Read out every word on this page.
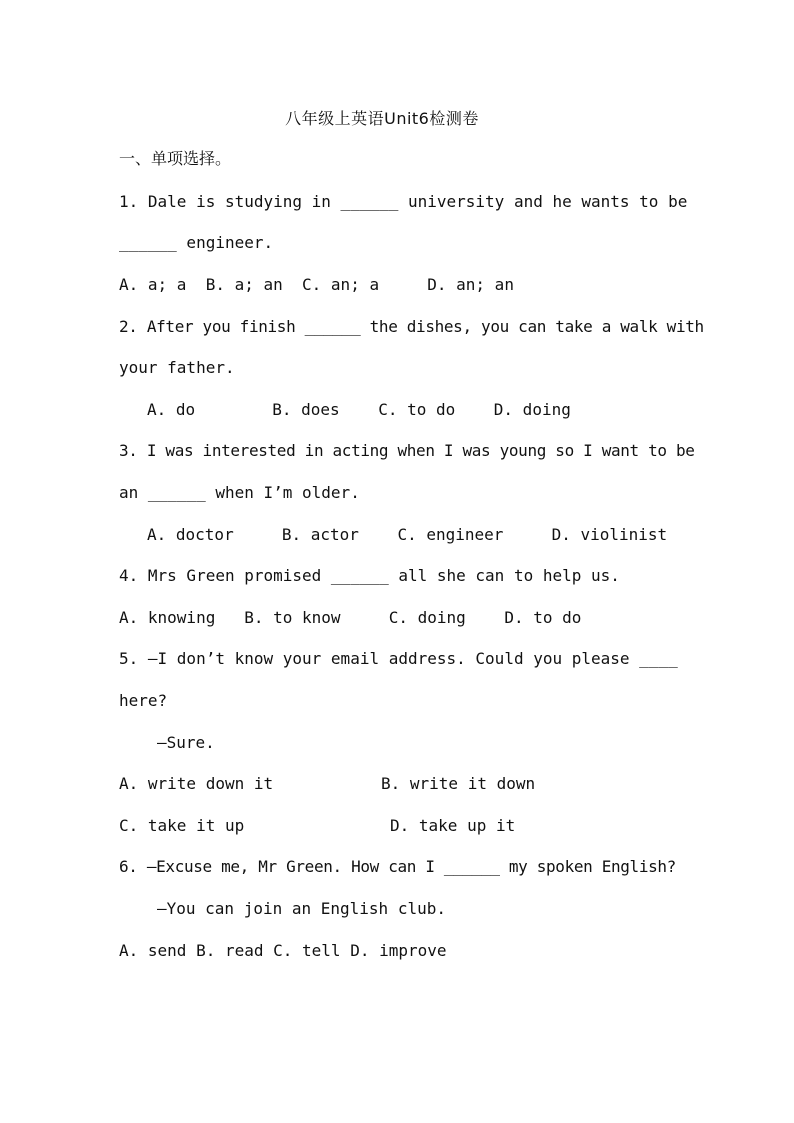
八年级上英语Unit6检测卷
一、单项选择。
1. Dale is studying in ______ university and he wants to be
______ engineer.
A. a; a  B. a; an  C. an; a     D. an; an
2. After you finish ______ the dishes, you can take a walk with
your father.
A. do        B. does    C. to do    D. doing
3. I was interested in acting when I was young so I want to be
an ______ when I’m older.
A. doctor     B. actor    C. engineer     D. violinist
4. Mrs Green promised ______ all she can to help us.
A. knowing   B. to know     C. doing    D. to do
5. —I don’t know your email address. Could you please ____
here?
—Sure.
A. write down it	B. write it down
C. take it up	D. take up it
6. —Excuse me, Mr Green. How can I ______ my spoken English?
—You can join an English club.
A. send B. read C. tell D. improve
